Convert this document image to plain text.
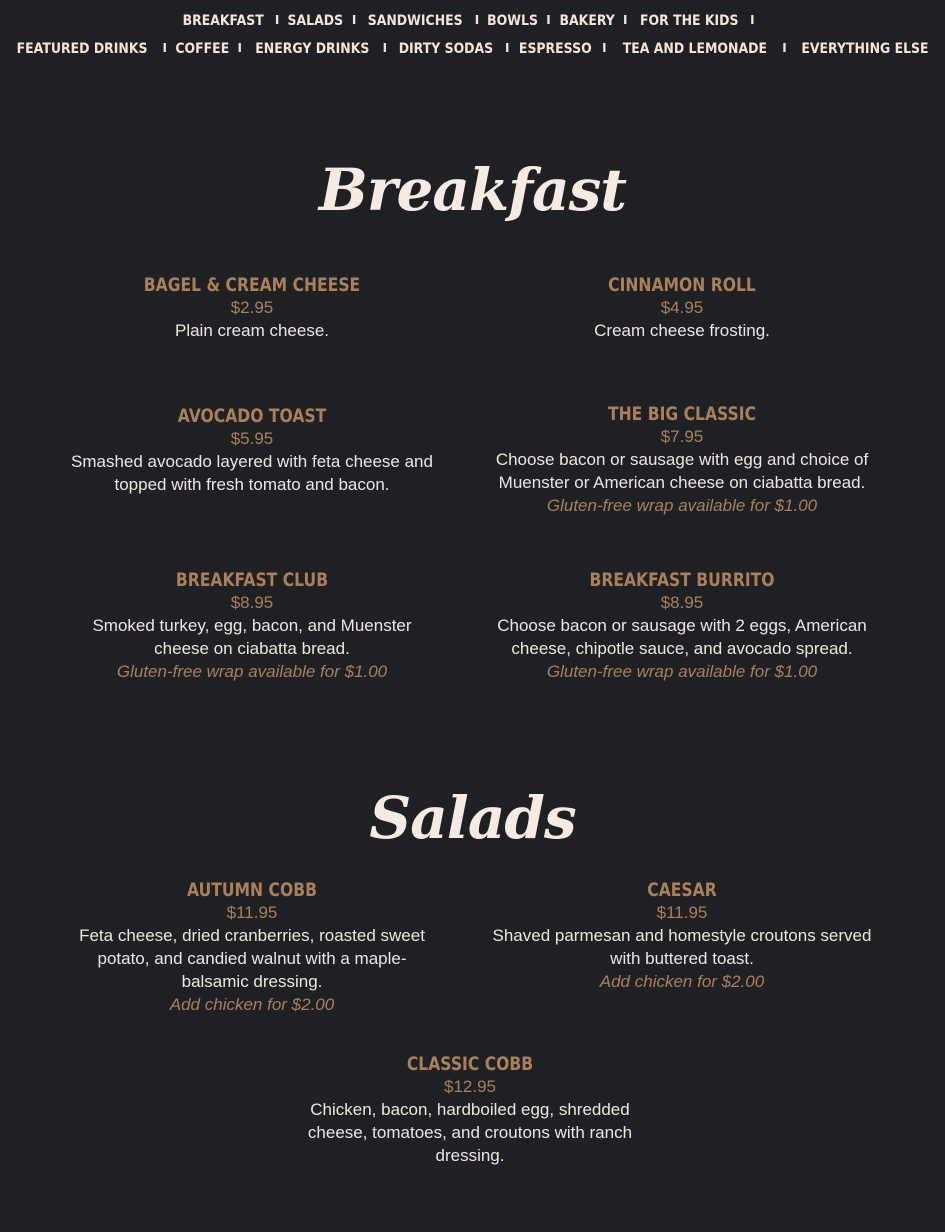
BREAKFAST I SALADS I SANDWICHES I BOWLS I BAKERY I FOR THE KIDS I
FEATURED DRINKS I COFFEE I ENERGY DRINKS I DIRTY SODAS I ESPRESSO I TEA AND LEMONADE I EVERYTHING ELSE
Breakfast
BAGEL & CREAM CHEESE
$2.95
Plain cream cheese.
CINNAMON ROLL
$4.95
Cream cheese frosting.
AVOCADO TOAST
$5.95
Smashed avocado layered with feta cheese and topped with fresh tomato and bacon.
THE BIG CLASSIC
$7.95
Choose bacon or sausage with egg and choice of Muenster or American cheese on ciabatta bread.
Gluten-free wrap available for $1.00
BREAKFAST CLUB
$8.95
Smoked turkey, egg, bacon, and Muenster cheese on ciabatta bread.
Gluten-free wrap available for $1.00
BREAKFAST BURRITO
$8.95
Choose bacon or sausage with 2 eggs, American cheese, chipotle sauce, and avocado spread.
Gluten-free wrap available for $1.00
Salads
AUTUMN COBB
$11.95
Feta cheese, dried cranberries, roasted sweet potato, and candied walnut with a maple-balsamic dressing.
Add chicken for $2.00
CAESAR
$11.95
Shaved parmesan and homestyle croutons served with buttered toast.
Add chicken for $2.00
CLASSIC COBB
$12.95
Chicken, bacon, hardboiled egg, shredded cheese, tomatoes, and croutons with ranch dressing.
